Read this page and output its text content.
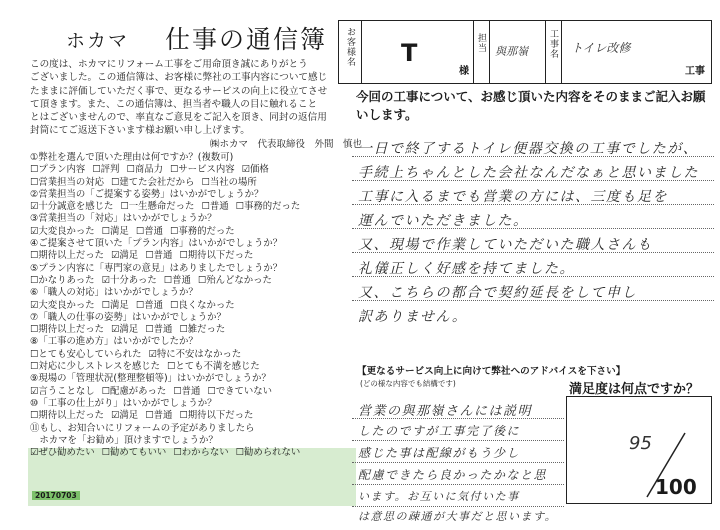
ホカマ 仕事の通信簿
この度は、ホカマにリフォーム工事をご用命頂き誠にありがとう
ございました。この通信簿は、お客様に弊社の工事内容について感じ
たままに評価していただく事で、更なるサービスの向上に役立てさせ
て頂きます。また、この通信簿は、担当者や職人の目に触れること
とはございませんので、率直なご意見をご記入を頂き、同封の返信用
封筒にてご返送下さいます様お願い申し上げます。
㈱ホカマ　代表取締役　外間　慎也
①弊社を選んで頂いた理由は何ですか？(複数可)
☐プラン内容 ☐評判 ☐商品力 ☐サービス内容 ☑価格
☐営業担当の対応 ☐建てた会社だから ☐当社の場所
②営業担当の「ご提案する姿勢」はいかがでしょうか？
☑十分誠意を感じた ☐一生懸命だった ☐普通 ☐事務的だった
③営業担当の「対応」はいかがでしょうか？
☑大変良かった ☐満足 ☐普通 ☐事務的だった
④ご提案させて頂いた「プラン内容」はいかがでしょうか？
☐期待以上だった ☑満足 ☐普通 ☐期待以下だった
⑤プラン内容に「専門家の意見」はありましたでしょうか？
☐かなりあった ☑十分あった ☐普通 ☐殆んどなかった
⑥「職人の対応」はいかがでしょうか？
☑大変良かった ☐満足 ☐普通 ☐良くなかった
⑦「職人の仕事の姿勢」はいかがでしょうか？
☐期待以上だった ☑満足 ☐普通 ☐雑だった
⑧「工事の進め方」はいかがでしたか？
☐とても安心していられた ☑特に不安はなかった
☐対応に少しストレスを感じた ☐とても不満を感じた
⑨現場の「管理状況(整理整頓等)」はいかがでしょうか？
☑言うことなし ☐配慮があった ☐普通 ☐できていない
⑩「工事の仕上がり」はいかがでしょうか？
☐期待以上だった ☑満足 ☐普通 ☐期待以下だった
⑪もし、お知合いにリフォームの予定がありましたら
　ホカマを「お勧め」頂けますでしょうか？
☑ぜひ勧めたい ☐勧めてもいい ☐わからない ☐勧められない
20170703
お客様名 T
様
担当 與那嶺 工事名 トイレ改修
工事
今回の工事について、お感じ頂いた内容をそのままご記入お願いします。
一日で終了するトイレ便器交換の工事でしたが、
手続上ちゃんとした会社なんだなぁと思いました
工事に入るまでも営業の方には、三度も足を
運んでいただきました。
又、現場で作業していただいた職人さんも
礼儀正しく好感を持てました。
又、こちらの都合で契約延長をして申し
訳ありません。
【更なるサービス向上に向けて弊社へのアドバイスを下さい】
(どの様な内容でも結構です)	満足度は何点ですか？
営業の與那嶺さんには説明
したのですが工事完了後に
感じた事は配線がもう少し
配慮できたら良かったかなと思
います。お互いに気付いた事
は意思の疎通が大事だと思います。
95
100
